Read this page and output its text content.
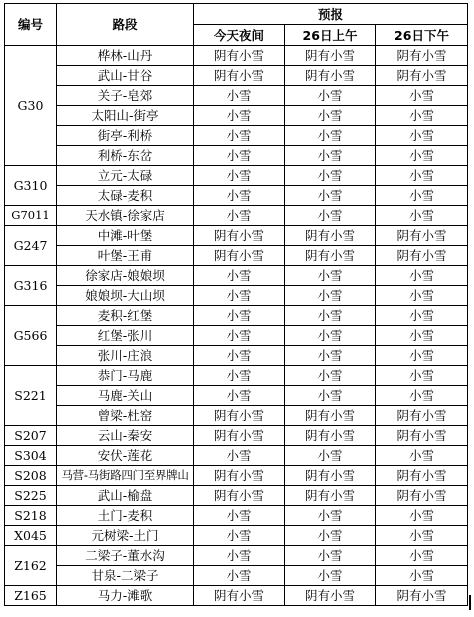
编号	路段	预报		
		今天夜间	26日上午	26日下午
G30	桦林-山丹	阴有小雪	阴有小雪	阴有小雪
	武山-甘谷	阴有小雪	阴有小雪	阴有小雪
	关子-皂郊	小雪	小雪	小雪
	太阳山-街亭	小雪	小雪	小雪
	街亭-利桥	小雪	小雪	小雪
	利桥-东岔	小雪	小雪	小雪
G310	立元-太碌	小雪	小雪	小雪
	太碌-麦积	小雪	小雪	小雪
G7011	天水镇-徐家店	小雪	小雪	小雪
G247	中滩-叶堡	阴有小雪	阴有小雪	阴有小雪
	叶堡-王甫	阴有小雪	阴有小雪	阴有小雪
G316	徐家店-娘娘坝	小雪	小雪	小雪
	娘娘坝-大山坝	小雪	小雪	小雪
G566	麦积-红堡	小雪	小雪	小雪
	红堡-张川	小雪	小雪	小雪
	张川-庄浪	小雪	小雪	小雪
S221	恭门-马鹿	小雪	小雪	小雪
	马鹿-关山	小雪	小雪	小雪
	曾梁-杜窑	阴有小雪	阴有小雪	阴有小雪
S207	云山-秦安	阴有小雪	阴有小雪	阴有小雪
S304	安伏-莲花	小雪	小雪	小雪
S208	马营-马街路四门至界牌山	阴有小雪	阴有小雪	阴有小雪
S225	武山-榆盘	阴有小雪	阴有小雪	阴有小雪
S218	土门-麦积	小雪	小雪	小雪
X045	元树梁-土门	小雪	小雪	小雪
Z162	二梁子-董水沟	小雪	小雪	小雪
	甘泉-二梁子	小雪	小雪	小雪
Z165	马力-滩歌	阴有小雪	阴有小雪	阴有小雪
